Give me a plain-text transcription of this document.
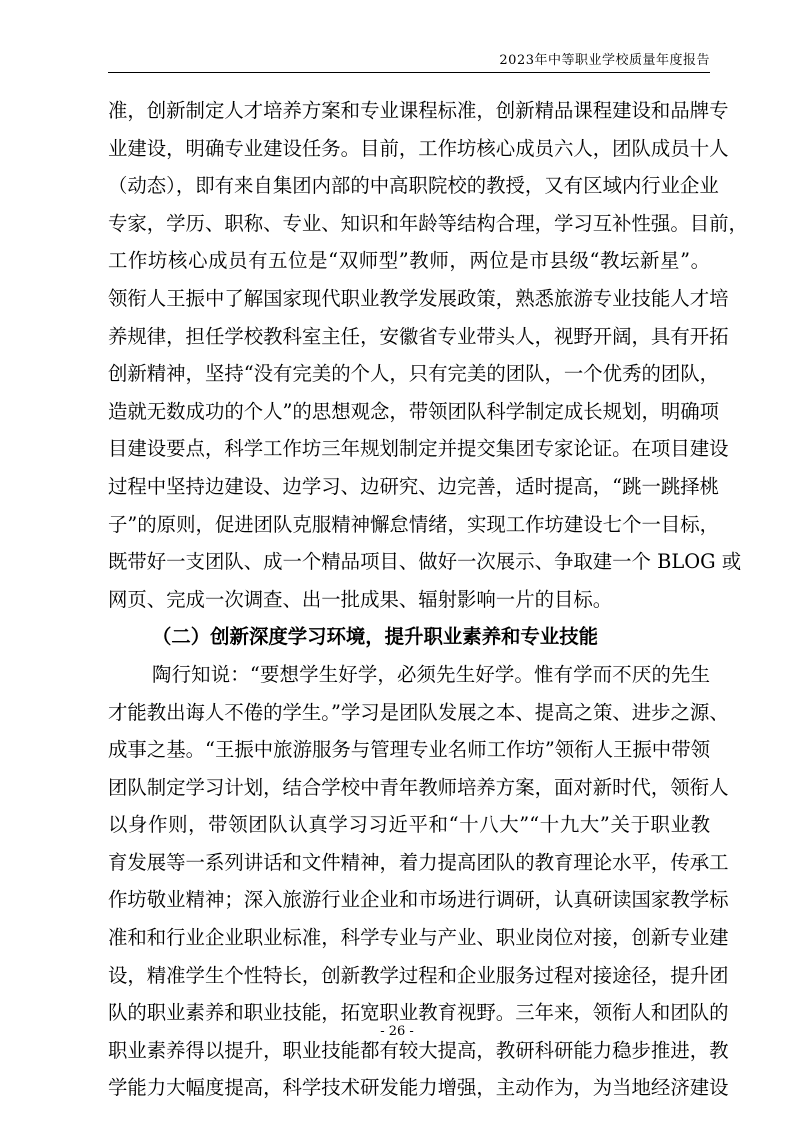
2023年中等职业学校质量年度报告
准，创新制定人才培养方案和专业课程标准，创新精品课程建设和品牌专
业建设，明确专业建设任务。目前，工作坊核心成员六人，团队成员十人
（动态），即有来自集团内部的中高职院校的教授，又有区域内行业企业
专家，学历、职称、专业、知识和年龄等结构合理，学习互补性强。目前，
工作坊核心成员有五位是“双师型”教师，两位是市县级“教坛新星”。
领衔人王振中了解国家现代职业教学发展政策，熟悉旅游专业技能人才培
养规律，担任学校教科室主任，安徽省专业带头人，视野开阔，具有开拓
创新精神，坚持“没有完美的个人，只有完美的团队，一个优秀的团队，
造就无数成功的个人”的思想观念，带领团队科学制定成长规划，明确项
目建设要点，科学工作坊三年规划制定并提交集团专家论证。在项目建设
过程中坚持边建设、边学习、边研究、边完善，适时提高，“跳一跳择桃
子”的原则，促进团队克服精神懈怠情绪，实现工作坊建设七个一目标，
既带好一支团队、成一个精品项目、做好一次展示、争取建一个 BLOG 或
网页、完成一次调查、出一批成果、辐射影响一片的目标。
（二）创新深度学习环境，提升职业素养和专业技能
陶行知说：“要想学生好学，必须先生好学。惟有学而不厌的先生
才能教出诲人不倦的学生。”学习是团队发展之本、提高之策、进步之源、
成事之基。“王振中旅游服务与管理专业名师工作坊”领衔人王振中带领
团队制定学习计划，结合学校中青年教师培养方案，面对新时代，领衔人
以身作则，带领团队认真学习习近平和“十八大”“十九大”关于职业教
育发展等一系列讲话和文件精神，着力提高团队的教育理论水平，传承工
作坊敬业精神；深入旅游行业企业和市场进行调研，认真研读国家教学标
准和和行业企业职业标准，科学专业与产业、职业岗位对接，创新专业建
设，精准学生个性特长，创新教学过程和企业服务过程对接途径，提升团
队的职业素养和职业技能，拓宽职业教育视野。三年来，领衔人和团队的
职业素养得以提升，职业技能都有较大提高，教研科研能力稳步推进，教
学能力大幅度提高，科学技术研发能力增强，主动作为，为当地经济建设
- 26 -
